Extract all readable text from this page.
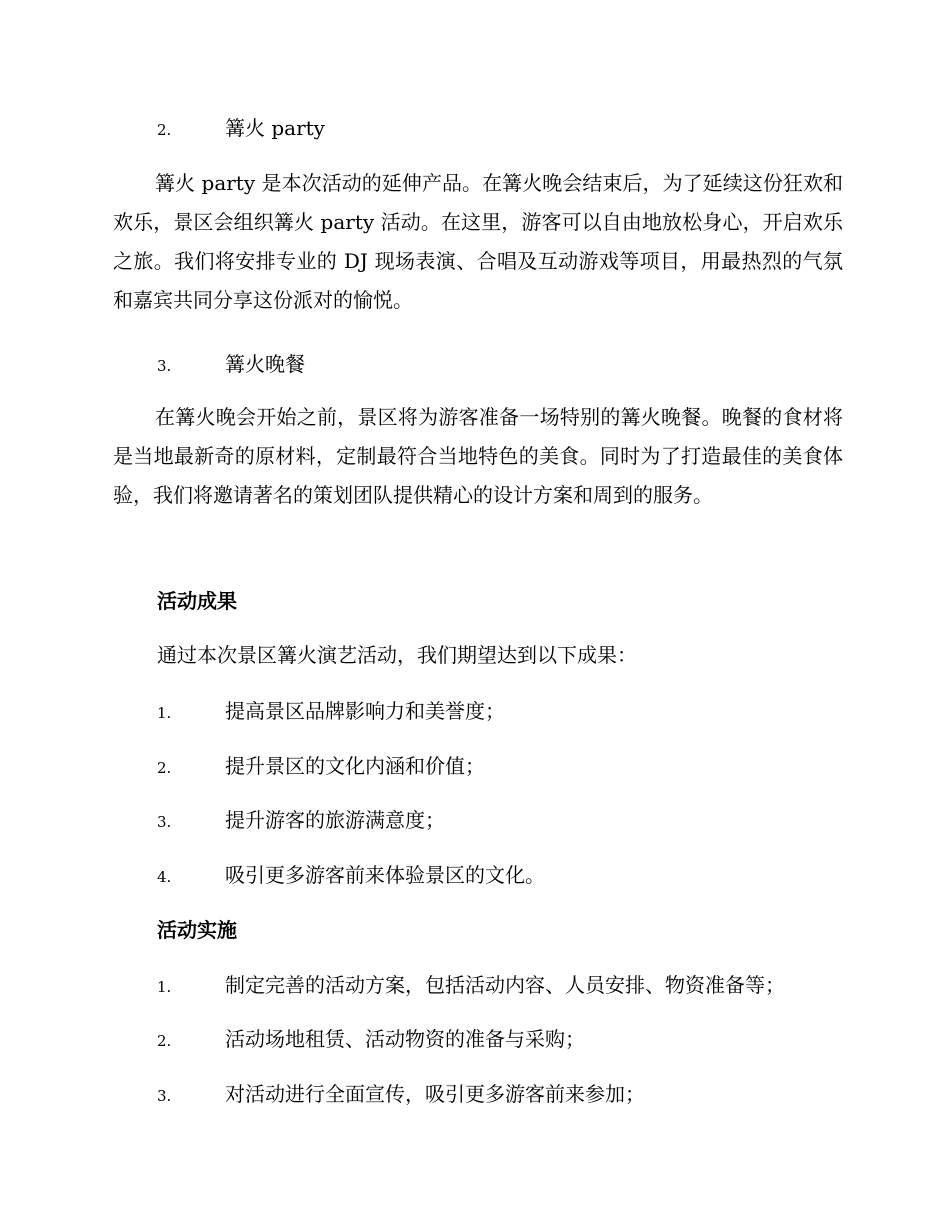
2.	篝火 party
篝火 party 是本次活动的延伸产品。在篝火晚会结束后，为了延续这份狂欢和欢乐，景区会组织篝火 party 活动。在这里，游客可以自由地放松身心，开启欢乐之旅。我们将安排专业的 DJ 现场表演、合唱及互动游戏等项目，用最热烈的气氛和嘉宾共同分享这份派对的愉悦。
3.	篝火晚餐
在篝火晚会开始之前，景区将为游客准备一场特别的篝火晚餐。晚餐的食材将是当地最新奇的原材料，定制最符合当地特色的美食。同时为了打造最佳的美食体验，我们将邀请著名的策划团队提供精心的设计方案和周到的服务。
活动成果
通过本次景区篝火演艺活动，我们期望达到以下成果：
1.	提高景区品牌影响力和美誉度；
2.	提升景区的文化内涵和价值；
3.	提升游客的旅游满意度；
4.	吸引更多游客前来体验景区的文化。
活动实施
1.	制定完善的活动方案，包括活动内容、人员安排、物资准备等；
2.	活动场地租赁、活动物资的准备与采购；
3.	对活动进行全面宣传，吸引更多游客前来参加；
